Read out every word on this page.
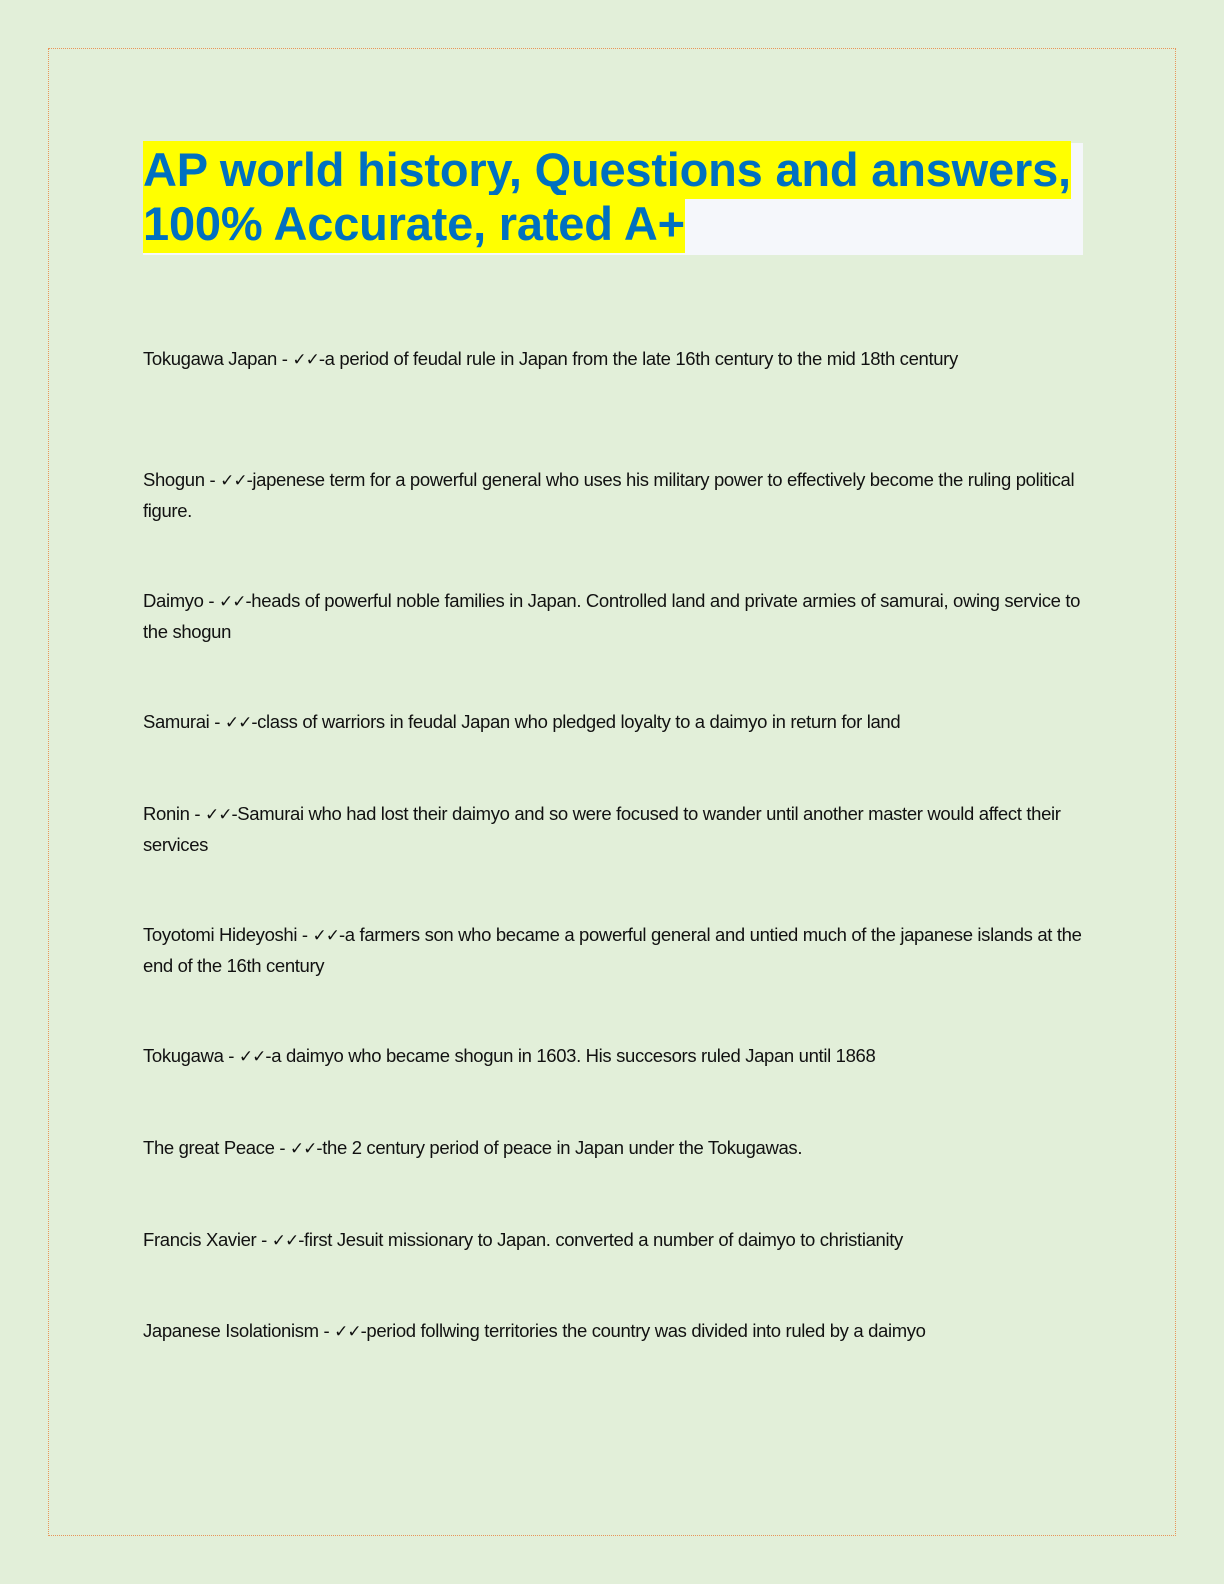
AP world history, Questions and answers, 100% Accurate, rated A+

Tokugawa Japan - ✓✓-a period of feudal rule in Japan from the late 16th century to the mid 18th century

Shogun - ✓✓-japenese term for a powerful general who uses his military power to effectively become the ruling political figure.

Daimyo - ✓✓-heads of powerful noble families in Japan. Controlled land and private armies of samurai, owing service to the shogun

Samurai - ✓✓-class of warriors in feudal Japan who pledged loyalty to a daimyo in return for land

Ronin - ✓✓-Samurai who had lost their daimyo and so were focused to wander until another master would affect their services

Toyotomi Hideyoshi - ✓✓-a farmers son who became a powerful general and untied much of the japanese islands at the end of the 16th century

Tokugawa - ✓✓-a daimyo who became shogun in 1603. His succesors ruled Japan until 1868

The great Peace - ✓✓-the 2 century period of peace in Japan under the Tokugawas.

Francis Xavier - ✓✓-first Jesuit missionary to Japan. converted a number of daimyo to christianity

Japanese Isolationism - ✓✓-period follwing territories the country was divided into ruled by a daimyo
